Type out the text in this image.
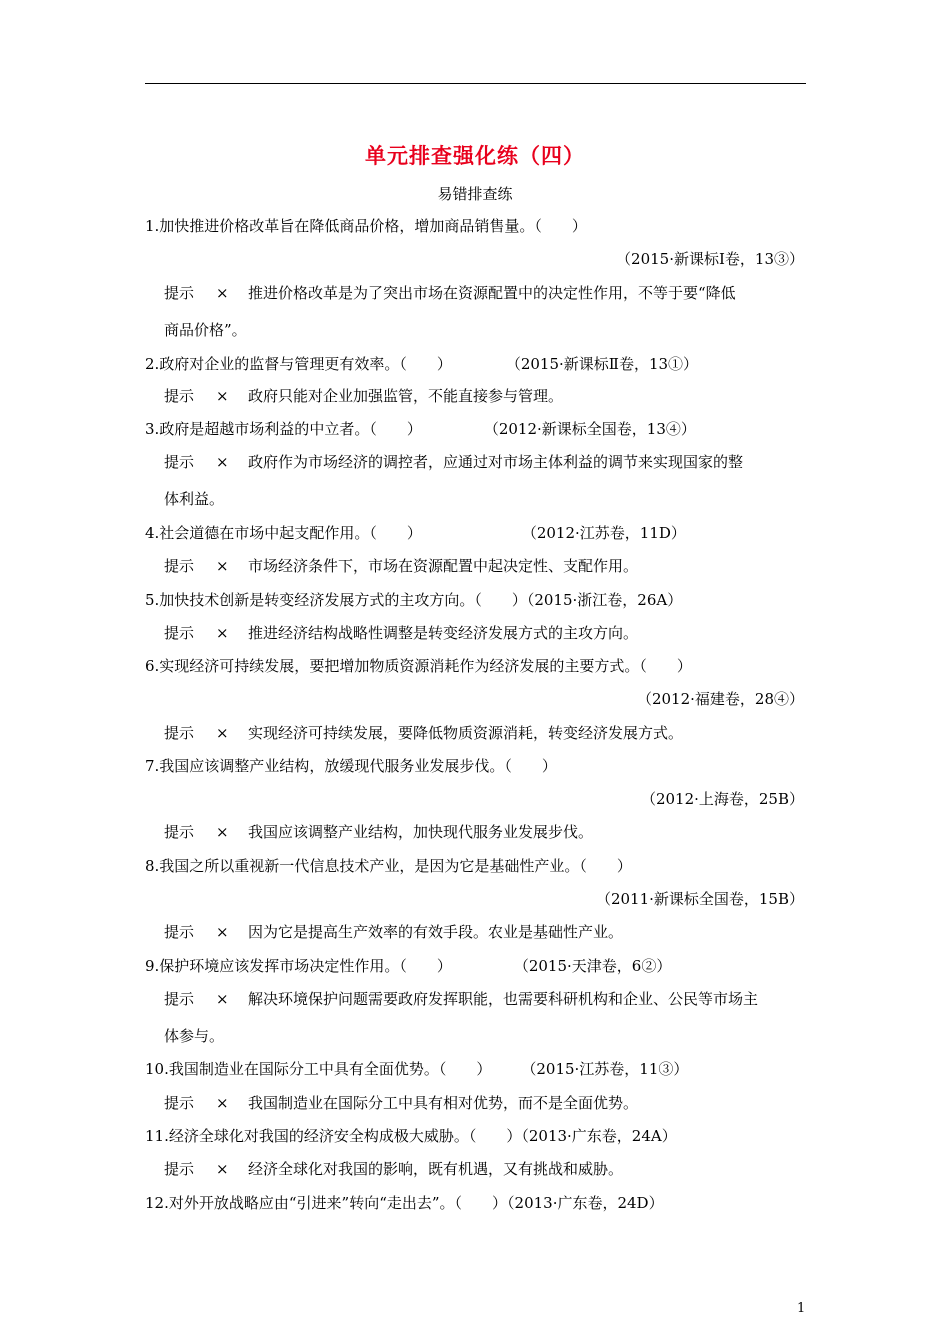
单元排查强化练（四）
易错排查练
1.加快推进价格改革旨在降低商品价格，增加商品销售量。（　　）
（2015·新课标Ⅰ卷，13③）
提示 × 推进价格改革是为了突出市场在资源配置中的决定性作用，不等于要“降低
商品价格”。
2.政府对企业的监督与管理更有效率。（　　）	（2015·新课标Ⅱ卷，13①）
提示 × 政府只能对企业加强监管，不能直接参与管理。
3.政府是超越市场利益的中立者。（　　）	（2012·新课标全国卷，13④）
提示 × 政府作为市场经济的调控者，应通过对市场主体利益的调节来实现国家的整
体利益。
4.社会道德在市场中起支配作用。（　　）	（2012·江苏卷，11D）
提示 × 市场经济条件下，市场在资源配置中起决定性、支配作用。
5.加快技术创新是转变经济发展方式的主攻方向。（　　）（2015·浙江卷，26A）
提示 × 推进经济结构战略性调整是转变经济发展方式的主攻方向。
6.实现经济可持续发展，要把增加物质资源消耗作为经济发展的主要方式。（　　）
（2012·福建卷，28④）
提示 × 实现经济可持续发展，要降低物质资源消耗，转变经济发展方式。
7.我国应该调整产业结构，放缓现代服务业发展步伐。（　　）
（2012·上海卷，25B）
提示 × 我国应该调整产业结构，加快现代服务业发展步伐。
8.我国之所以重视新一代信息技术产业，是因为它是基础性产业。（　　）
（2011·新课标全国卷，15B）
提示 × 因为它是提高生产效率的有效手段。农业是基础性产业。
9.保护环境应该发挥市场决定性作用。（　　）	（2015·天津卷，6②）
提示 × 解决环境保护问题需要政府发挥职能，也需要科研机构和企业、公民等市场主
体参与。
10.我国制造业在国际分工中具有全面优势。（　　） （2015·江苏卷，11③）
提示 × 我国制造业在国际分工中具有相对优势，而不是全面优势。
11.经济全球化对我国的经济安全构成极大威胁。（　　）（2013·广东卷，24A）
提示 × 经济全球化对我国的影响，既有机遇，又有挑战和威胁。
12.对外开放战略应由“引进来”转向“走出去”。（　　）（2013·广东卷，24D）
1
